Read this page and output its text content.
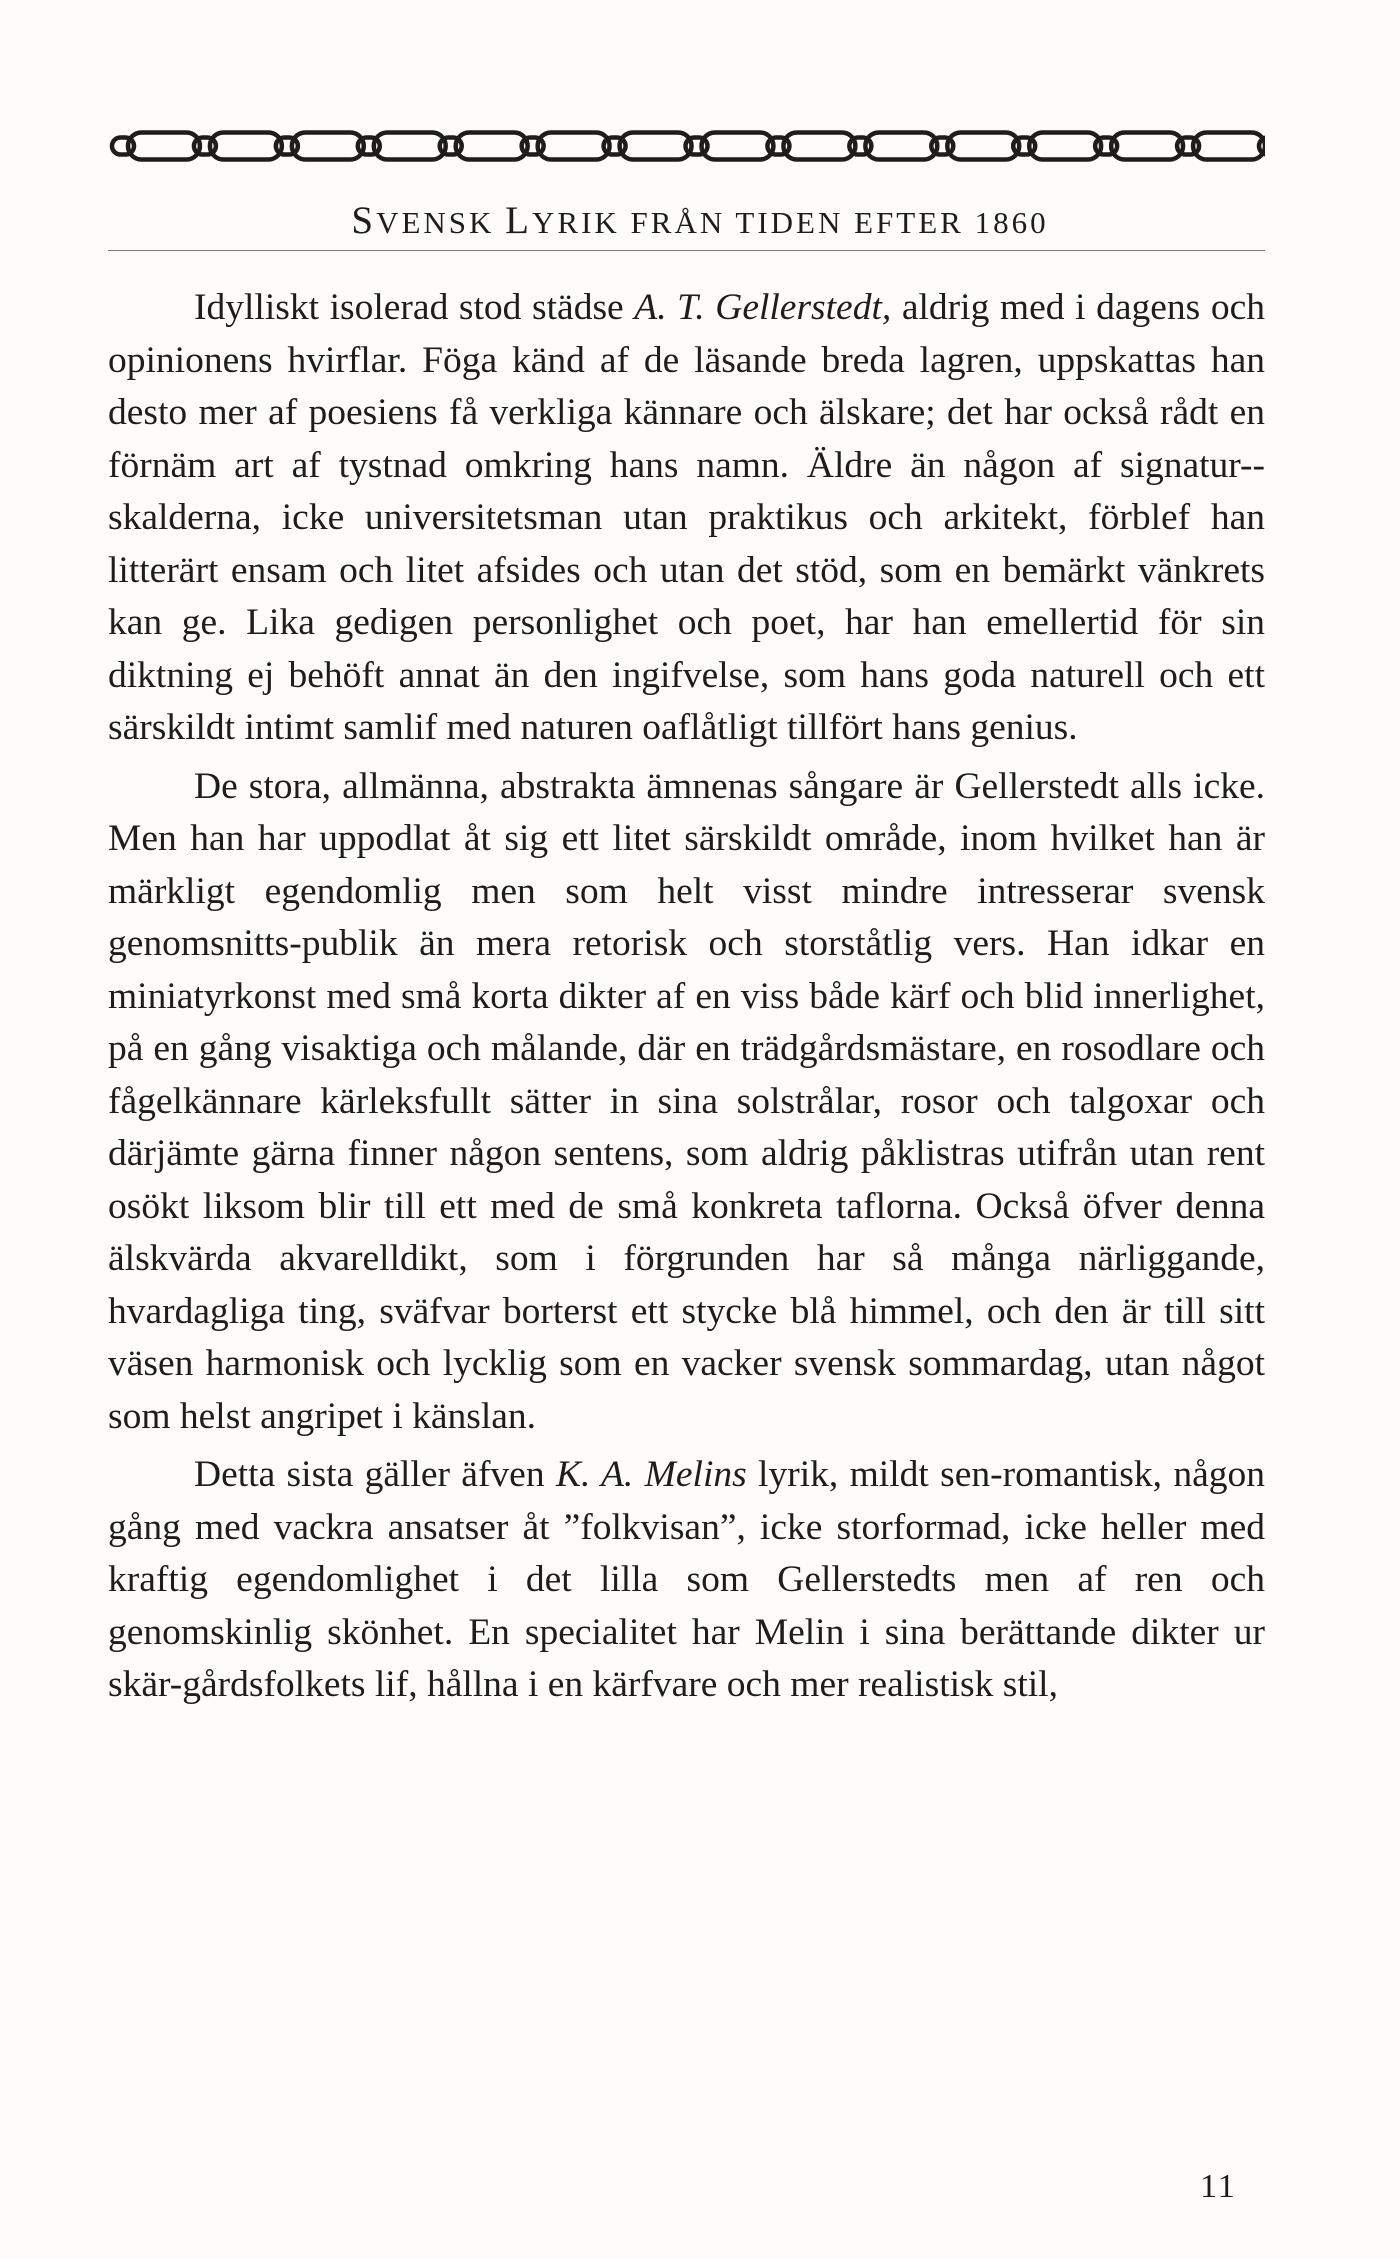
SVENSK LYRIK FRÅN TIDEN EFTER 1860

Idylliskt isolerad stod städse A. T. Gellerstedt, aldrig med i dagens och opinionens hvirflar. Föga känd af de läsande breda lagren, uppskattas han desto mer af poesiens få verkliga kännare och älskare; det har också rådt en förnäm art af tystnad omkring hans namn. Äldre än någon af signatur-skalderna, icke universitetsman utan praktikus och arkitekt, förblef han litterärt ensam och litet afsides och utan det stöd, som en bemärkt vänkrets kan ge. Lika gedigen personlighet och poet, har han emellertid för sin diktning ej behöft annat än den ingifvelse, som hans goda naturell och ett särskildt intimt samlif med naturen oaflåtligt tillfört hans genius.

De stora, allmänna, abstrakta ämnenas sångare är Gellerstedt alls icke. Men han har uppodlat åt sig ett litet särskildt område, inom hvilket han är märkligt egendomlig men som helt visst mindre intresserar svensk genomsnitts-publik än mera retorisk och storståtlig vers. Han idkar en miniatyrkonst med små korta dikter af en viss både kärf och blid innerlighet, på en gång visaktiga och målande, där en trädgårdsmästare, en rosodlare och fågelkännare kärleksfullt sätter in sina solstrålar, rosor och talgoxar och därjämte gärna finner någon sentens, som aldrig påklistras utifrån utan rent osökt liksom blir till ett med de små konkreta taflorna. Också öfver denna älskvärda akvarelldikt, som i förgrunden har så många närliggande, hvardagliga ting, sväfvar borterst ett stycke blå himmel, och den är till sitt väsen harmonisk och lycklig som en vacker svensk sommardag, utan något som helst angripet i känslan.

Detta sista gäller äfven K. A. Melins lyrik, mildt sen-romantisk, någon gång med vackra ansatser åt ”folkvisan”, icke storformad, icke heller med kraftig egendomlighet i det lilla som Gellerstedts men af ren och genomskinlig skönhet. En specialitet har Melin i sina berättande dikter ur skär-gårdsfolkets lif, hållna i en kärfvare och mer realistisk stil,

11
